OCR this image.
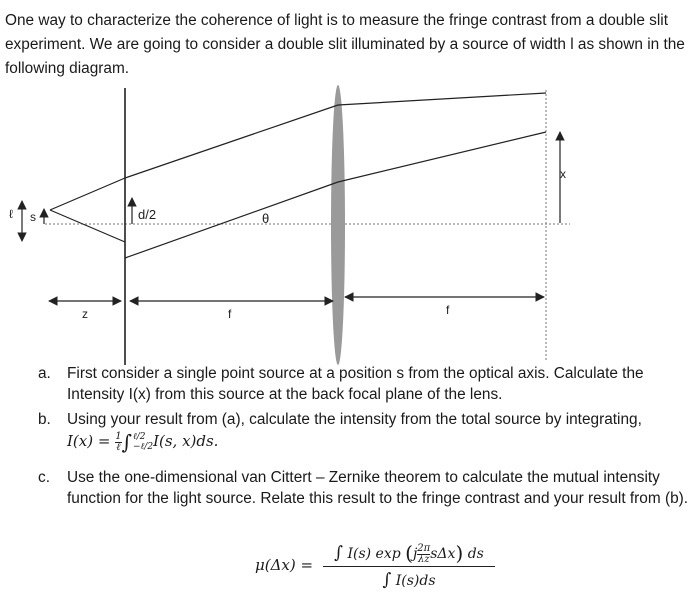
One way to characterize the coherence of light is to measure the fringe contrast from a double slit experiment. We are going to consider a double slit illuminated by a source of width l as shown in the following diagram.

ℓ s	d/2	θ
x
z	f	f
a. First consider a single point source at a position s from the optical axis. Calculate the Intensity I(x) from this source at the back focal plane of the lens.
b. Using your result from (a), calculate the intensity from the total source by integrating,
$I(x) = \frac{1}{\text{ℓ}}$ ∫ ℓ/2
−ℓ/2 I(s, x)ds.
c. Use the one-dimensional van Cittert – Zernike theorem to calculate the mutual intensity function for the light source. Relate this result to the fringe contrast and your result from (b).
μ(Δx) =
∫ I(s) $\exp (j \frac{2\pi}{\lambda z} s\Delta x)$ ds
∫ I(s)ds
